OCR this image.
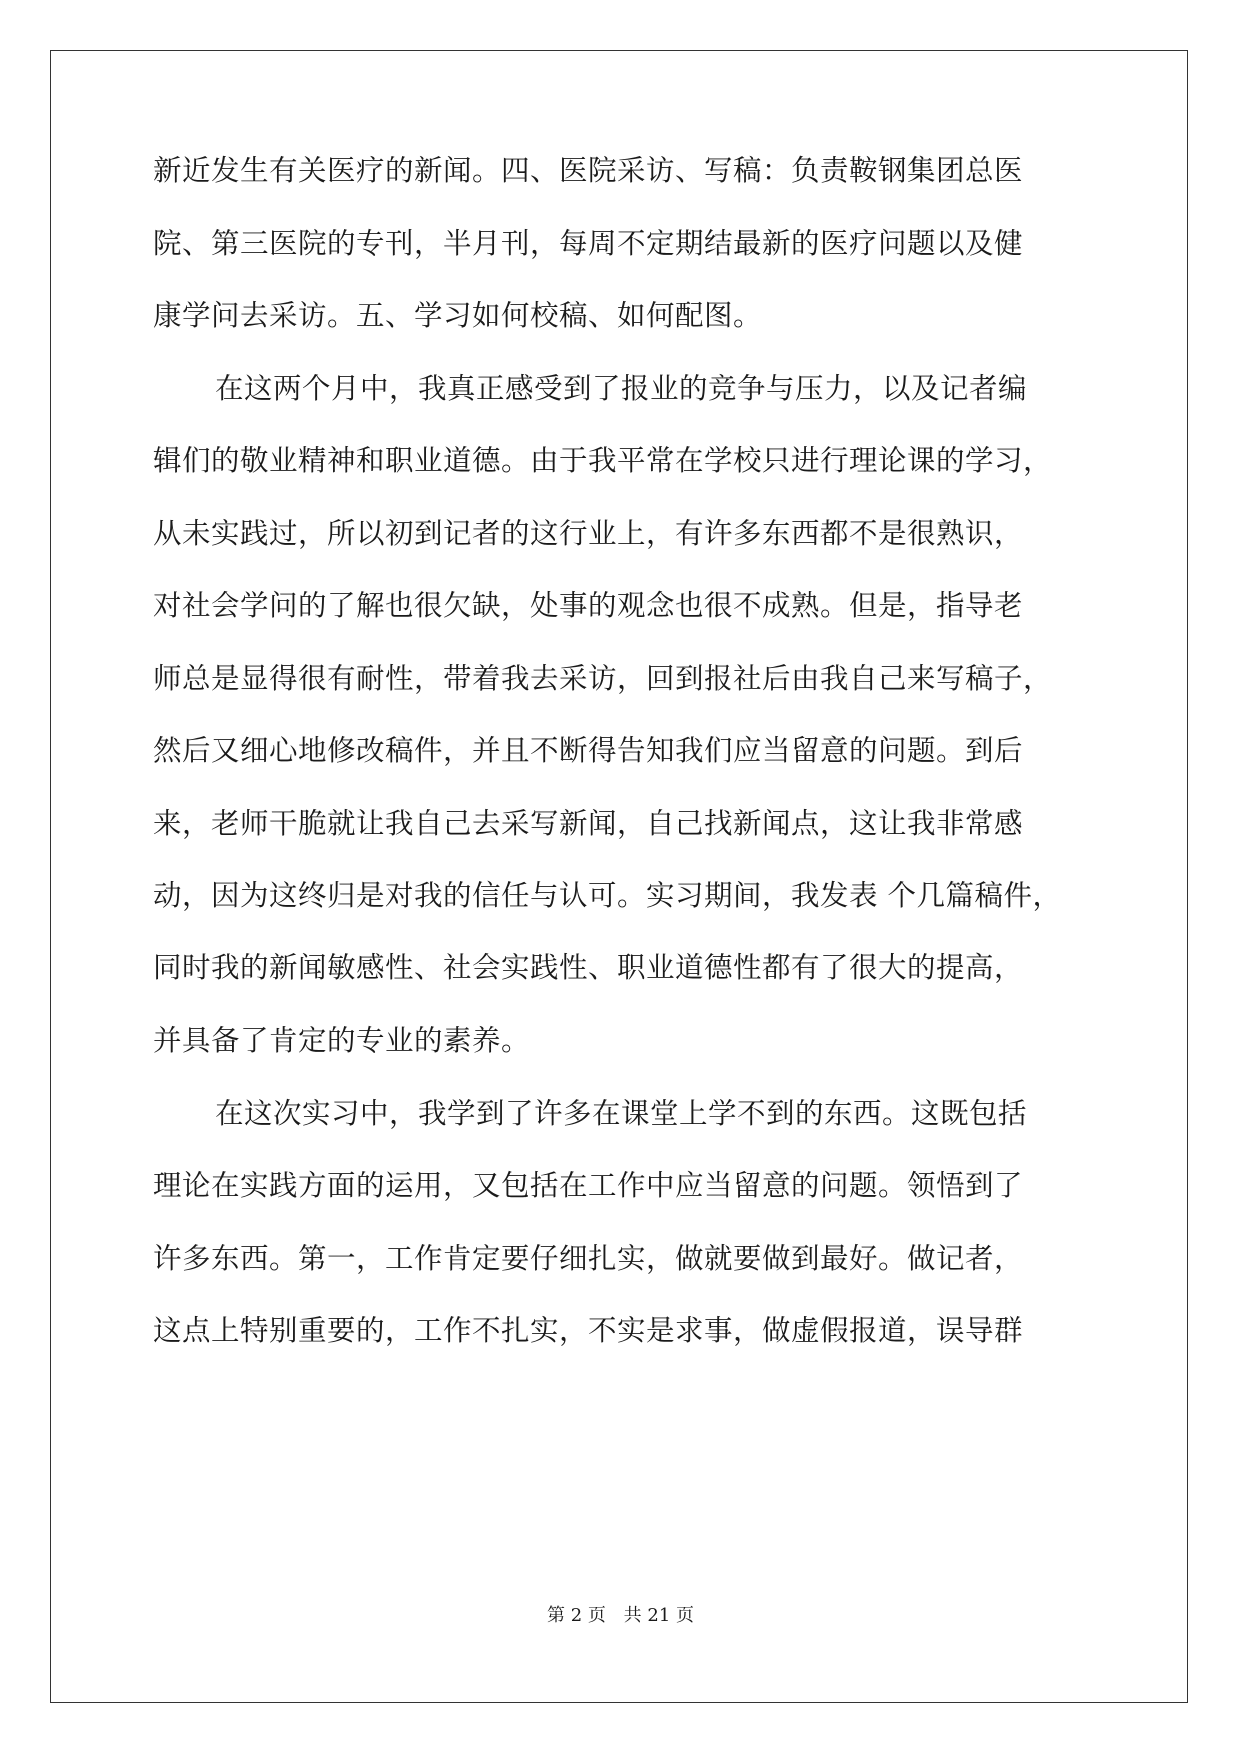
新近发生有关医疗的新闻。四、医院采访、写稿：负责鞍钢集团总医
院、第三医院的专刊，半月刊，每周不定期结最新的医疗问题以及健
康学问去采访。五、学习如何校稿、如何配图。
在这两个月中，我真正感受到了报业的竞争与压力，以及记者编
辑们的敬业精神和职业道德。由于我平常在学校只进行理论课的学习，
从未实践过，所以初到记者的这行业上，有许多东西都不是很熟识，
对社会学问的了解也很欠缺，处事的观念也很不成熟。但是，指导老
师总是显得很有耐性，带着我去采访，回到报社后由我自己来写稿子，
然后又细心地修改稿件，并且不断得告知我们应当留意的问题。到后
来，老师干脆就让我自己去采写新闻，自己找新闻点，这让我非常感
动，因为这终归是对我的信任与认可。实习期间，我发表 个几篇稿件，
同时我的新闻敏感性、社会实践性、职业道德性都有了很大的提高，
并具备了肯定的专业的素养。
在这次实习中，我学到了许多在课堂上学不到的东西。这既包括
理论在实践方面的运用，又包括在工作中应当留意的问题。领悟到了
许多东西。第一，工作肯定要仔细扎实，做就要做到最好。做记者，
这点上特别重要的，工作不扎实，不实是求事，做虚假报道，误导群
第 2 页 共 21 页
